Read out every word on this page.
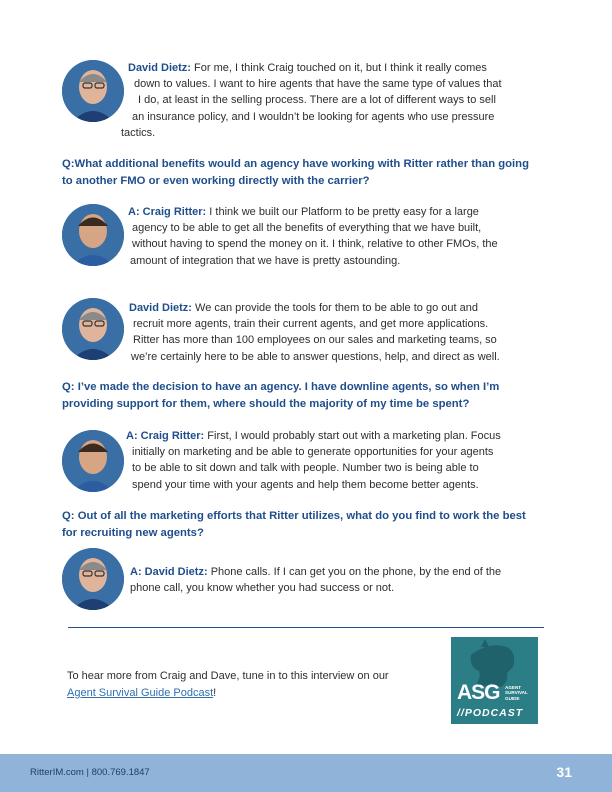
David Dietz: For me, I think Craig touched on it, but I think it really comes
down to values. I want to hire agents that have the same type of values that
I do, at least in the selling process. There are a lot of different ways to sell
an insurance policy, and I wouldn’t be looking for agents who use pressure
tactics.
Q:What additional benefits would an agency have working with Ritter rather than going
to another FMO or even working directly with the carrier?
A: Craig Ritter: I think we built our Platform to be pretty easy for a large
agency to be able to get all the benefits of everything that we have built,
without having to spend the money on it. I think, relative to other FMOs, the
amount of integration that we have is pretty astounding.
David Dietz: We can provide the tools for them to be able to go out and
recruit more agents, train their current agents, and get more applications.
Ritter has more than 100 employees on our sales and marketing teams, so
we’re certainly here to be able to answer questions, help, and direct as well.
Q: I’ve made the decision to have an agency. I have downline agents, so when I’m
providing support for them, where should the majority of my time be spent?
A: Craig Ritter: First, I would probably start out with a marketing plan. Focus
initially on marketing and be able to generate opportunities for your agents
to be able to sit down and talk with people. Number two is being able to
spend your time with your agents and help them become better agents.
Q: Out of all the marketing efforts that Ritter utilizes, what do you find to work the best
for recruiting new agents?
A: David Dietz: Phone calls. If I can get you on the phone, by the end of the
phone call, you know whether you had success or not.
To hear more from Craig and Dave, tune in to this interview on our
Agent Survival Guide Podcast!	ASG AGENT SURVIVAL GUIDE
//PODCAST
RitterIM.com | 800.769.1847	31
